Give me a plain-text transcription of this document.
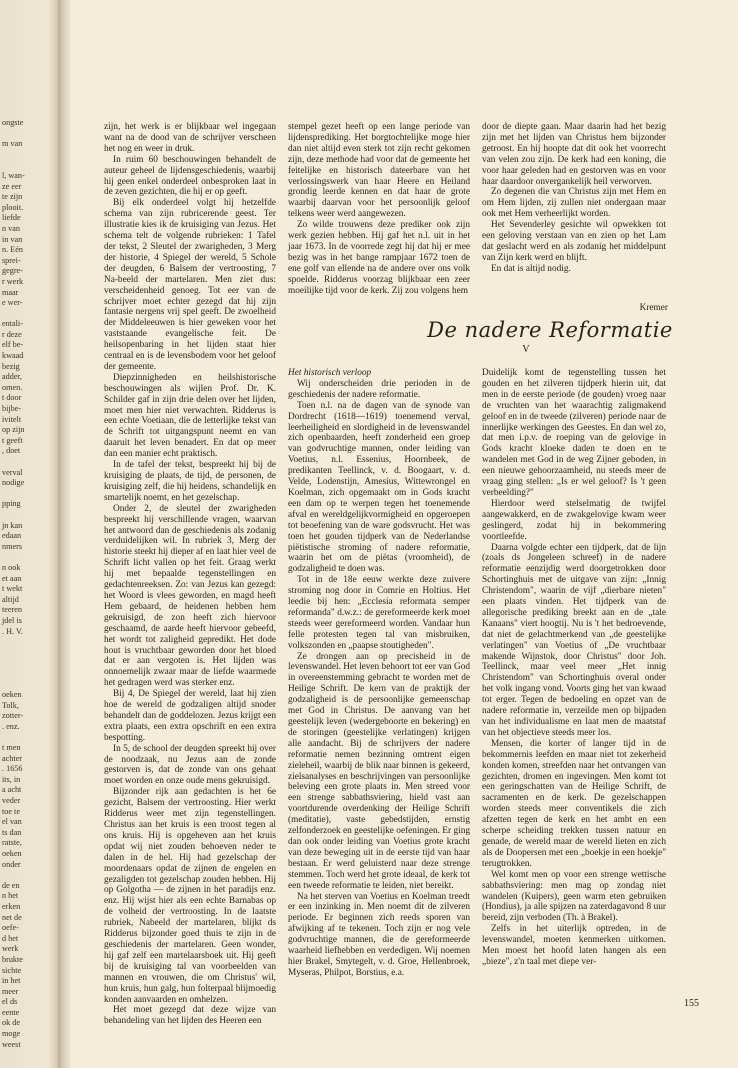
ongste

m van

l, wan-
ze eer
te zijn
plooit.
liefde
n van
in van
n. Eén
sprei-
gegre-
r werk
maar
e wer-

entali-
r deze
elf be-
kwaad
bezig
adder,
omen.
t door
bijbe-
ivitelt
op zijn
t geeft
, doet

verval
nodige

pping

jn kan
edaan
nmers

n ook
et aan
t wekt
altijd
teeren
jdel is
. H. V.

oeken
Tolk,
zotter-
. enz.

t men
achter
. 1656
its, in
a acht
veder
toe te
el van
ts dan
ratste,
oeken
onder

de en
n het
erken
net de
oefe-
d het
werk
brukte
sichte
in het
meer
el ds
eente
ok de
moge
weest

zijn, het werk is er blijkbaar wel ingegaan want na de dood van de schrijver verscheen het nog en weer in druk.

In ruim 60 beschouwingen behandelt de auteur geheel de lijdensgeschiedenis, waarbij hij geen enkel onderdeel onbesproken laat in de zeven gezichten, die hij er op geeft.

Bij elk onderdeel volgt hij hetzelfde schema van zijn rubricerende geest. Ter illustratie kies ik de kruisiging van Jezus. Het schema telt de volgende rubrieken: 1 Tafel der tekst, 2 Sleutel der zwarigheden, 3 Merg der historie, 4 Spiegel der wereld, 5 Schole der deugden, 6 Balsem der vertroosting, 7 Na-beeld der martelaren. Men ziet dus: verscheidenheid genoeg. Tot eer van de schrijver moet echter gezegd dat hij zijn fantasie nergens vrij spel geeft. De zwoelheid der Middeleeuwen is hier geweken voor het vaststaande evangelische feit. De heilsopenbaring in het lijden staat hier centraal en is de levensbodem voor het geloof der gemeente.

Diepzinnigheden en heilshistorische beschouwingen als wijlen Prof. Dr. K. Schilder gaf in zijn drie delen over het lijden, moet men hier niet verwachten. Ridderus is een echte Voetiaan, die de letterlijke tekst van de Schrift tot uitgangspunt neemt en van daaruit het leven benadert. En dat op meer dan een manier echt praktisch.

In de tafel der tekst, bespreekt hij bij de kruisiging de plaats, de tijd, de personen, de kruisiging zelf, die hij heidens, schandelijk en smartelijk noemt, en het gezelschap.

Onder 2, de sleutel der zwarigheden bespreekt hij verschillende vragen, waarvan het antwoord dan de geschiedenis als zodanig verduidelijken wil. In rubriek 3, Merg der historie steekt hij dieper af en laat hier veel de Schrift licht vallen op het feit. Graag werkt hij met bepaalde tegenstellingen en gedachtenreeksen. Zo: van Jezus kan gezegd: het Woord is vlees geworden, en magd heeft Hem gebaard, de heidenen hebben hem gekruisigd, de zon heeft zich hiervoor geschaamd, de aarde heeft hiervoor gebeefd, het wordt tot zaligheid gepredikt. Het dode hout is vruchtbaar geworden door het bloed dat er aan vergoten is. Het lijden was onnoemelijk zwaar maar de liefde waarmede het gedragen werd was sterker enz.

Bij 4, De Spiegel der wereld, laat hij zien hoe de wereld de godzaligen altijd snoder behandelt dan de goddelozen. Jezus krijgt een extra plaats, een extra opschrift en een extra bespotting.

In 5, de school der deugden spreekt hij over de noodzaak, nu Jezus aan de zonde gestorven is, dat de zonde van ons gehaat moet worden en onze oude mens gekruisigd.

Bijzonder rijk aan gedachten is het 6e gezicht, Balsem der vertroosting. Hier werkt Ridderus weer met zijn tegenstellingen. Christus aan het kruis is een troost tegen al ons kruis. Hij is opgeheven aan het kruis opdat wij niet zouden behoeven neder te dalen in de hel. Hij had gezelschap der moordenaars opdat de zijnen de engelen en gezaligden tot gezelschap zouden hebben. Hij op Golgotha — de zijnen in het paradijs enz. enz. Hij wijst hier als een echte Barnabas op de volheid der vertroosting. In de laatste rubriek, Nabeeld der martelaren, blijkt ds Ridderus bijzonder goed thuis te zijn in de geschiedenis der martelaren. Geen wonder, hij gaf zelf een martelaarsboek uit. Hij geeft bij de kruisiging tal van voorbeelden van mannen en vrouwen, die om Christus' wil, hun kruis, hun galg, hun folterpaal blijmoedig konden aanvaarden en omhelzen.

Het moet gezegd dat deze wijze van behandeling van het lijden des Heeren een

stempel gezet heeft op een lange periode van lijdensprediking. Het borgtochtelijke moge hier dan niet altijd even sterk tot zijn recht gekomen zijn, deze methode had voor dat de gemeente het feitelijke en historisch dateerbare van het verlossingswerk van haar Heere en Heiland grondig leerde kennen en dat haar de grote waarbij daarvan voor het persoonlijk geloof telkens weer werd aangewezen.

Zo wilde trouwens deze prediker ook zijn werk gezien hebben. Hij gaf het n.l. uit in het jaar 1673. In de voorrede zegt hij dat hij er mee bezig was in het bange rampjaar 1672 toen de ene golf van ellende na de andere over ons volk spoelde. Ridderus voorzag blijkbaar een zeer moeilijke tijd voor de kerk. Zij zou volgens hem

door de diepte gaan. Maar daarin had het bezig zijn met het lijden van Christus hem bijzonder getroost. En hij hoopte dat dit ook het voorrecht van velen zou zijn. De kerk had een koning, die voor haar geleden had en gestorven was en voor haar daardoor onvergankelijk heil verworven.

Zo degenen die van Christus zijn met Hem en om Hem lijden, zij zullen niet ondergaan maar ook met Hem verheerlijkt worden.

Het Sevenderley gesichte wil opwekken tot een geloving verstaan van en zien op het Lam dat geslacht werd en als zodanig het middelpunt van Zijn kerk werd en blijft.

En dat is altijd nodig.

Kremer
De nadere Reformatie
V

Het historisch verloop

Wij onderscheiden drie perioden in de geschiedenis der nadere reformatie.

Toen n.l. na de dagen van de synode van Dordrecht (1618—1619) toenemend verval, leerheiligheid en slordigheid in de levenswandel zich openbaarden, heeft zonderheid een groep van godvruchtige mannen, onder leiding van Voetius, n.l. Essenius, Hoornbeek, de predikanten Teellinck, v. d. Boogaart, v. d. Velde, Lodenstijn, Amesius, Wittewrongel en Koelman, zich opgemaakt om in Gods kracht een dam op te werpen tegen het toenemende afval en wereldgelijkvormigheid en opgeroepen tot beoefening van de ware godsvrucht. Het was toen het gouden tijdperk van de Nederlandse piëtistische stroming of nadere reformatie, waarin het om de piëtas (vroomheid), de godzaligheid te doen was.

Tot in de 18e eeuw werkte deze zuivere stroming nog door in Comrie en Holtius. Het leedie bij hen: „Ecclesia reformata semper reformanda" d.w.z.: de gereformeerde kerk moet steeds weer gereformeerd worden. Vandaar hun felle protesten tegen tal van misbruiken, volkszonden en „paapse stoutigheden".

Ze drongen aan op precisheid in de levenswandel. Het leven behoort tot eer van God in overeenstemming gebracht te worden met de Heilige Schrift. De kern van de praktijk der godzaligheid is de persoonlijke gemeenschap met God in Christus. De aanvang van het geestelijk leven (wedergeboorte en bekering) en de storingen (geestelijke verlatingen) krijgen alle aandacht. Bij de schrijvers der nadere reformatie nemen bezinning omtrent eigen zieleheil, waarbij de blik naar binnen is gekeerd, zielsanalyses en beschrijvingen van persoonlijke beleving een grote plaats in. Men streed voor een strenge sabbathsviering, hield vast aan voortdurende overdenking der Heilige Schrift (meditatie), vaste gebedstijden, ernstig zelfonderzoek en geestelijke oefeningen. Er ging dan ook onder leiding van Voetius grote kracht van deze beweging uit in de eerste tijd van haar bestaan. Er werd geluisterd naar deze strenge stemmen. Toch werd het grote ideaal, de kerk tot een tweede reformatie te leiden, niet bereikt.

Na het sterven van Voetius en Koelman treedt er een inzinking in. Men noemt dit de zilveren periode. Er beginnen zich reeds sporen van afwijking af te tekenen. Toch zijn er nog vele godvruchtige mannen, die de gereformeerde waarheid liefhebben en verdedigen. Wij noemen hier Brakel, Smytegelt, v. d. Groe, Hellenbroek, Myseras, Philpot, Borstius, e.a.

Duidelijk komt de tegenstelling tussen het gouden en het zilveren tijdperk hierin uit, dat men in de eerste periode (de gouden) vroeg naar de vruchten van het waarachtig zaligmakend geloof en in de tweede (zilveren) periode naar de innerlijke werkingen des Geestes. En dan wel zo, dat men i.p.v. de roeping van de gelovige in Gods kracht kloeke daden te doen en te wandelen met God in de weg Zijner geboden, in een nieuwe gehoorzaamheid, nu steeds meer de vraag ging stellen: „Is er wel geloof? Is 't geen verbeelding?"

Hierdoor werd stelselmatig de twijfel aangewakkerd, en de zwakgelovige kwam weer geslingerd, zodat hij in bekommering voortleefde.

Daarna volgde echter een tijdperk, dat de lijn (zoals ds Jongeleen schreef) in de nadere reformatie eenzijdig werd doorgetrokken door Schortinghuis met de uitgave van zijn: „Innig Christendom", waarin de vijf „dierbare nieten" een plaats vinden. Het tijdperk van de allegorische prediking breekt aan en de „tale Kanaans" viert hoogtij. Nu is 't het bedroevende, dat niet de gelachtmerkend van „de geestelijke verlatingen" van Voetius of „De vruchtbaar makende Wijnstok, door Christus" door Joh. Teellinck, maar veel meer „Het innig Christendom" van Schortinghuis overal onder het volk ingang vond. Voorts ging het van kwaad tot erger. Tegen de bedoeling en opzet van de nadere reformatie in, verzeilde men op bijpaden van het individualisme en laat men de maatstaf van het objectieve steeds meer los.

Mensen, die korter of langer tijd in de bekommernis leefden en maar niet tot zekerheid konden komen, streefden naar het ontvangen van gezichten, dromen en ingevingen. Men komt tot een geringschatten van de Heilige Schrift, de sacramenten en de kerk. De gezelschappen worden steeds meer conventikels die zich afzetten tegen de kerk en het ambt en een scherpe scheiding trekken tussen natuur en genade, de wereld maar de wereld lieten en zich als de Doopersen met een „boekje in een hoekje" terugtrokken.

Wel komt men op voor een strenge wettische sabbathsviering: men mag op zondag niet wandelen (Kuipers), geen warm eten gebruiken (Hondius), ja alle spijzen na zaterdagavond 8 uur bereid, zijn verboden (Th. à Brakel).

Zelfs in het uiterlijk optreden, in de levenswandel, moeten kenmerken uitkomen. Men moest het hoofd laten hangen als een „bieze", z'n taal met diepe ver-

155
